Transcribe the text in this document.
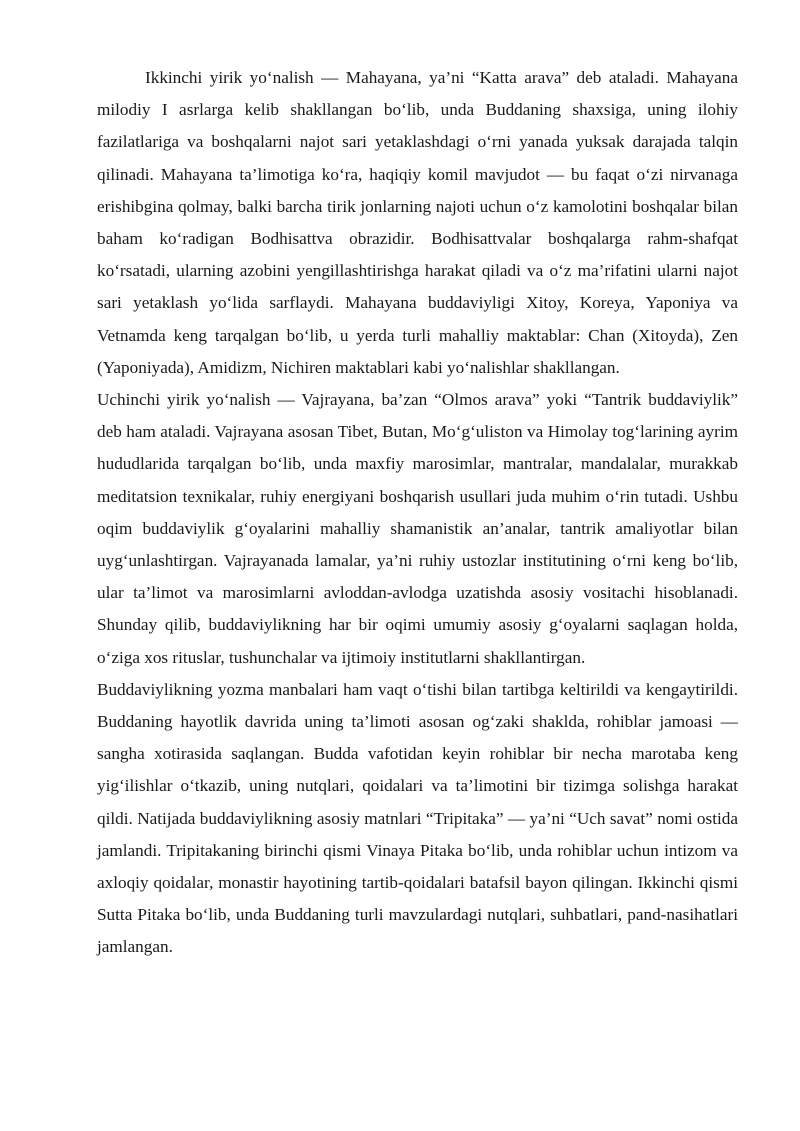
Ikkinchi yirik yo‘nalish — Mahayana, ya’ni “Katta arava” deb ataladi. Mahayana milodiy I asrlarga kelib shakllangan bo‘lib, unda Buddaning shaxsiga, uning ilohiy fazilatlariga va boshqalarni najot sari yetaklashdagi o‘rni yanada yuksak darajada talqin qilinadi. Mahayana ta’limotiga ko‘ra, haqiqiy komil mavjudot — bu faqat o‘zi nirvanaga erishibgina qolmay, balki barcha tirik jonlarning najoti uchun o‘z kamolotini boshqalar bilan baham ko‘radigan Bodhisattva obrazidir. Bodhisattvalar boshqalarga rahm-shafqat ko‘rsatadi, ularning azobini yengillashtirishga harakat qiladi va o‘z ma’rifatini ularni najot sari yetaklash yo‘lida sarflaydi. Mahayana buddaviyligi Xitoy, Koreya, Yaponiya va Vetnamda keng tarqalgan bo‘lib, u yerda turli mahalliy maktablar: Chan (Xitoyda), Zen (Yaponiyada), Amidizm, Nichiren maktablari kabi yo‘nalishlar shakllangan.

Uchinchi yirik yo‘nalish — Vajrayana, ba’zan “Olmos arava” yoki “Tantrik buddaviylik” deb ham ataladi. Vajrayana asosan Tibet, Butan, Mo‘g‘uliston va Himolay tog‘larining ayrim hududlarida tarqalgan bo‘lib, unda maxfiy marosimlar, mantralar, mandalalar, murakkab meditatsion texnikalar, ruhiy energiyani boshqarish usullari juda muhim o‘rin tutadi. Ushbu oqim buddaviylik g‘oyalarini mahalliy shamanistik an’analar, tantrik amaliyotlar bilan uyg‘unlashtirgan. Vajrayanada lamalar, ya’ni ruhiy ustozlar institutining o‘rni keng bo‘lib, ular ta’limot va marosimlarni avloddan-avlodga uzatishda asosiy vositachi hisoblanadi. Shunday qilib, buddaviylikning har bir oqimi umumiy asosiy g‘oyalarni saqlagan holda, o‘ziga xos rituslar, tushunchalar va ijtimoiy institutlarni shakllantirgan.

Buddaviylikning yozma manbalari ham vaqt o‘tishi bilan tartibga keltirildi va kengaytirildi. Buddaning hayotlik davrida uning ta’limoti asosan og‘zaki shaklda, rohiblar jamoasi — sangha xotirasida saqlangan. Budda vafotidan keyin rohiblar bir necha marotaba keng yig‘ilishlar o‘tkazib, uning nutqlari, qoidalari va ta’limotini bir tizimga solishga harakat qildi. Natijada buddaviylikning asosiy matnlari “Tripitaka” — ya’ni “Uch savat” nomi ostida jamlandi. Tripitakaning birinchi qismi Vinaya Pitaka bo‘lib, unda rohiblar uchun intizom va axloqiy qoidalar, monastir hayotining tartib-qoidalari batafsil bayon qilingan. Ikkinchi qismi Sutta Pitaka bo‘lib, unda Buddaning turli mavzulardagi nutqlari, suhbatlari, pand-nasihatlari jamlangan.
